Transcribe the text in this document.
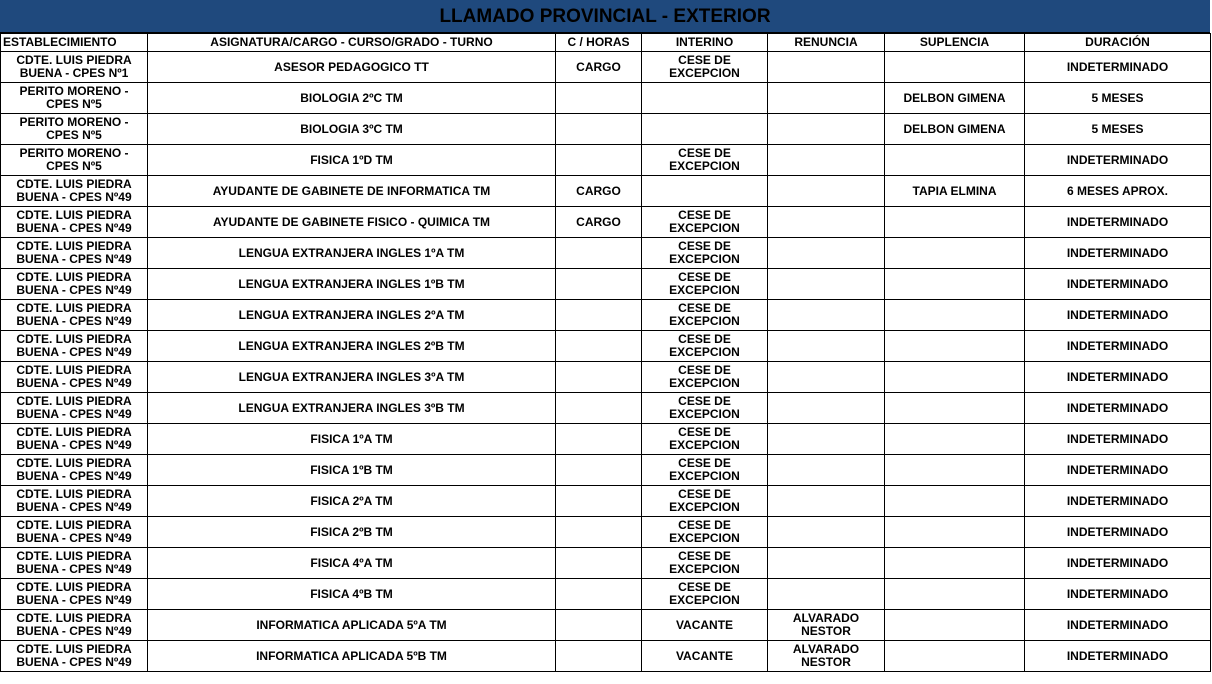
LLAMADO PROVINCIAL - EXTERIOR
ESTABLECIMIENTO	ASIGNATURA/CARGO - CURSO/GRADO - TURNO	C / HORAS	INTERINO	RENUNCIA	SUPLENCIA	DURACIÓN
CDTE. LUIS PIEDRA BUENA - CPES Nº1	ASESOR PEDAGOGICO TT	CARGO	CESE DE EXCEPCION			INDETERMINADO
PERITO MORENO - CPES Nº5	BIOLOGIA 2ºC TM				DELBON GIMENA	5 MESES
PERITO MORENO - CPES Nº5	BIOLOGIA 3ºC TM				DELBON GIMENA	5 MESES
PERITO MORENO - CPES Nº5	FISICA 1ºD TM		CESE DE EXCEPCION			INDETERMINADO
CDTE. LUIS PIEDRA BUENA - CPES Nº49	AYUDANTE DE GABINETE DE INFORMATICA TM	CARGO			TAPIA ELMINA	6 MESES APROX.
CDTE. LUIS PIEDRA BUENA - CPES Nº49	AYUDANTE DE GABINETE FISICO - QUIMICA TM	CARGO	CESE DE EXCEPCION			INDETERMINADO
CDTE. LUIS PIEDRA BUENA - CPES Nº49	LENGUA EXTRANJERA INGLES 1ºA TM		CESE DE EXCEPCION			INDETERMINADO
CDTE. LUIS PIEDRA BUENA - CPES Nº49	LENGUA EXTRANJERA INGLES 1ºB TM		CESE DE EXCEPCION			INDETERMINADO
CDTE. LUIS PIEDRA BUENA - CPES Nº49	LENGUA EXTRANJERA INGLES 2ºA TM		CESE DE EXCEPCION			INDETERMINADO
CDTE. LUIS PIEDRA BUENA - CPES Nº49	LENGUA EXTRANJERA INGLES 2ºB TM		CESE DE EXCEPCION			INDETERMINADO
CDTE. LUIS PIEDRA BUENA - CPES Nº49	LENGUA EXTRANJERA INGLES 3ºA TM		CESE DE EXCEPCION			INDETERMINADO
CDTE. LUIS PIEDRA BUENA - CPES Nº49	LENGUA EXTRANJERA INGLES 3ºB TM		CESE DE EXCEPCION			INDETERMINADO
CDTE. LUIS PIEDRA BUENA - CPES Nº49	FISICA 1ºA TM		CESE DE EXCEPCION			INDETERMINADO
CDTE. LUIS PIEDRA BUENA - CPES Nº49	FISICA 1ºB TM		CESE DE EXCEPCION			INDETERMINADO
CDTE. LUIS PIEDRA BUENA - CPES Nº49	FISICA 2ºA TM		CESE DE EXCEPCION			INDETERMINADO
CDTE. LUIS PIEDRA BUENA - CPES Nº49	FISICA 2ºB TM		CESE DE EXCEPCION			INDETERMINADO
CDTE. LUIS PIEDRA BUENA - CPES Nº49	FISICA 4ºA TM		CESE DE EXCEPCION			INDETERMINADO
CDTE. LUIS PIEDRA BUENA - CPES Nº49	FISICA 4ºB TM		CESE DE EXCEPCION			INDETERMINADO
CDTE. LUIS PIEDRA BUENA - CPES Nº49	INFORMATICA APLICADA 5ºA TM		VACANTE	ALVARADO NESTOR		INDETERMINADO
CDTE. LUIS PIEDRA BUENA - CPES Nº49	INFORMATICA APLICADA 5ºB TM		VACANTE	ALVARADO NESTOR		INDETERMINADO
